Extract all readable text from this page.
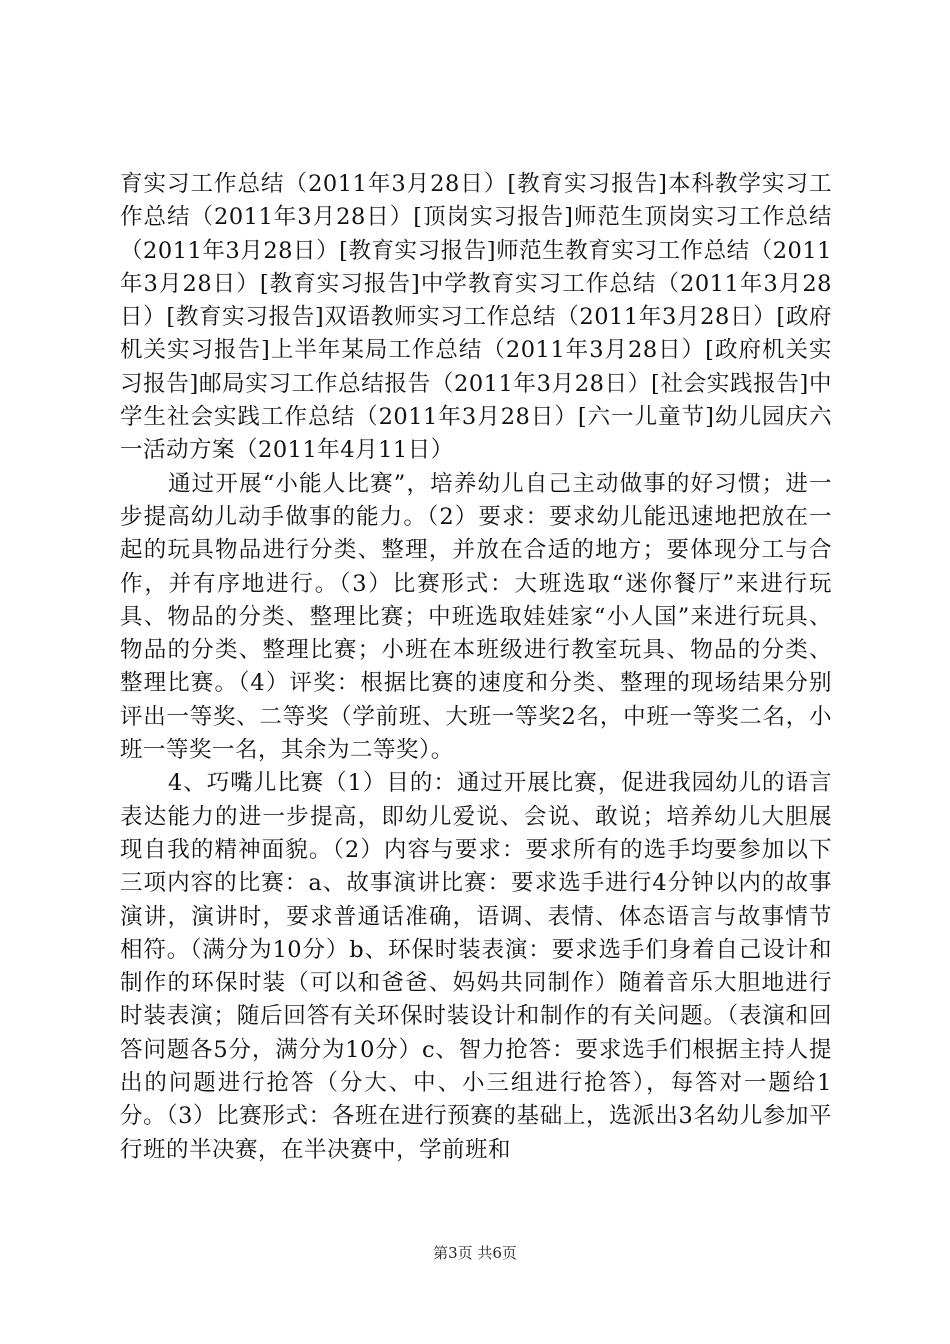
育实习工作总结（2011年3月28日）[教育实习报告]本科教学实习工作总结（2011年3月28日）[顶岗实习报告]师范生顶岗实习工作总结（2011年3月28日）[教育实习报告]师范生教育实习工作总结（2011年3月28日）[教育实习报告]中学教育实习工作总结（2011年3月28日）[教育实习报告]双语教师实习工作总结（2011年3月28日）[政府机关实习报告]上半年某局工作总结（2011年3月28日）[政府机关实习报告]邮局实习工作总结报告（2011年3月28日）[社会实践报告]中学生社会实践工作总结（2011年3月28日）[六一儿童节]幼儿园庆六一活动方案（2011年4月11日）

通过开展“小能人比赛”，培养幼儿自己主动做事的好习惯；进一步提高幼儿动手做事的能力。（2）要求：要求幼儿能迅速地把放在一起的玩具物品进行分类、整理，并放在合适的地方；要体现分工与合作，并有序地进行。（3）比赛形式：大班选取“迷你餐厅”来进行玩具、物品的分类、整理比赛；中班选取娃娃家“小人国”来进行玩具、物品的分类、整理比赛；小班在本班级进行教室玩具、物品的分类、整理比赛。（4）评奖：根据比赛的速度和分类、整理的现场结果分别评出一等奖、二等奖（学前班、大班一等奖2名，中班一等奖二名，小班一等奖一名，其余为二等奖）。

4、巧嘴儿比赛（1）目的：通过开展比赛，促进我园幼儿的语言表达能力的进一步提高，即幼儿爱说、会说、敢说；培养幼儿大胆展现自我的精神面貌。（2）内容与要求：要求所有的选手均要参加以下三项内容的比赛：a、故事演讲比赛：要求选手进行4分钟以内的故事演讲，演讲时，要求普通话准确，语调、表情、体态语言与故事情节相符。（满分为10分）b、环保时装表演：要求选手们身着自己设计和制作的环保时装（可以和爸爸、妈妈共同制作）随着音乐大胆地进行时装表演；随后回答有关环保时装设计和制作的有关问题。（表演和回答问题各5分，满分为10分）c、智力抢答：要求选手们根据主持人提出的问题进行抢答（分大、中、小三组进行抢答），每答对一题给1分。（3）比赛形式：各班在进行预赛的基础上，选派出3名幼儿参加平行班的半决赛，在半决赛中，学前班和

第3页 共6页
